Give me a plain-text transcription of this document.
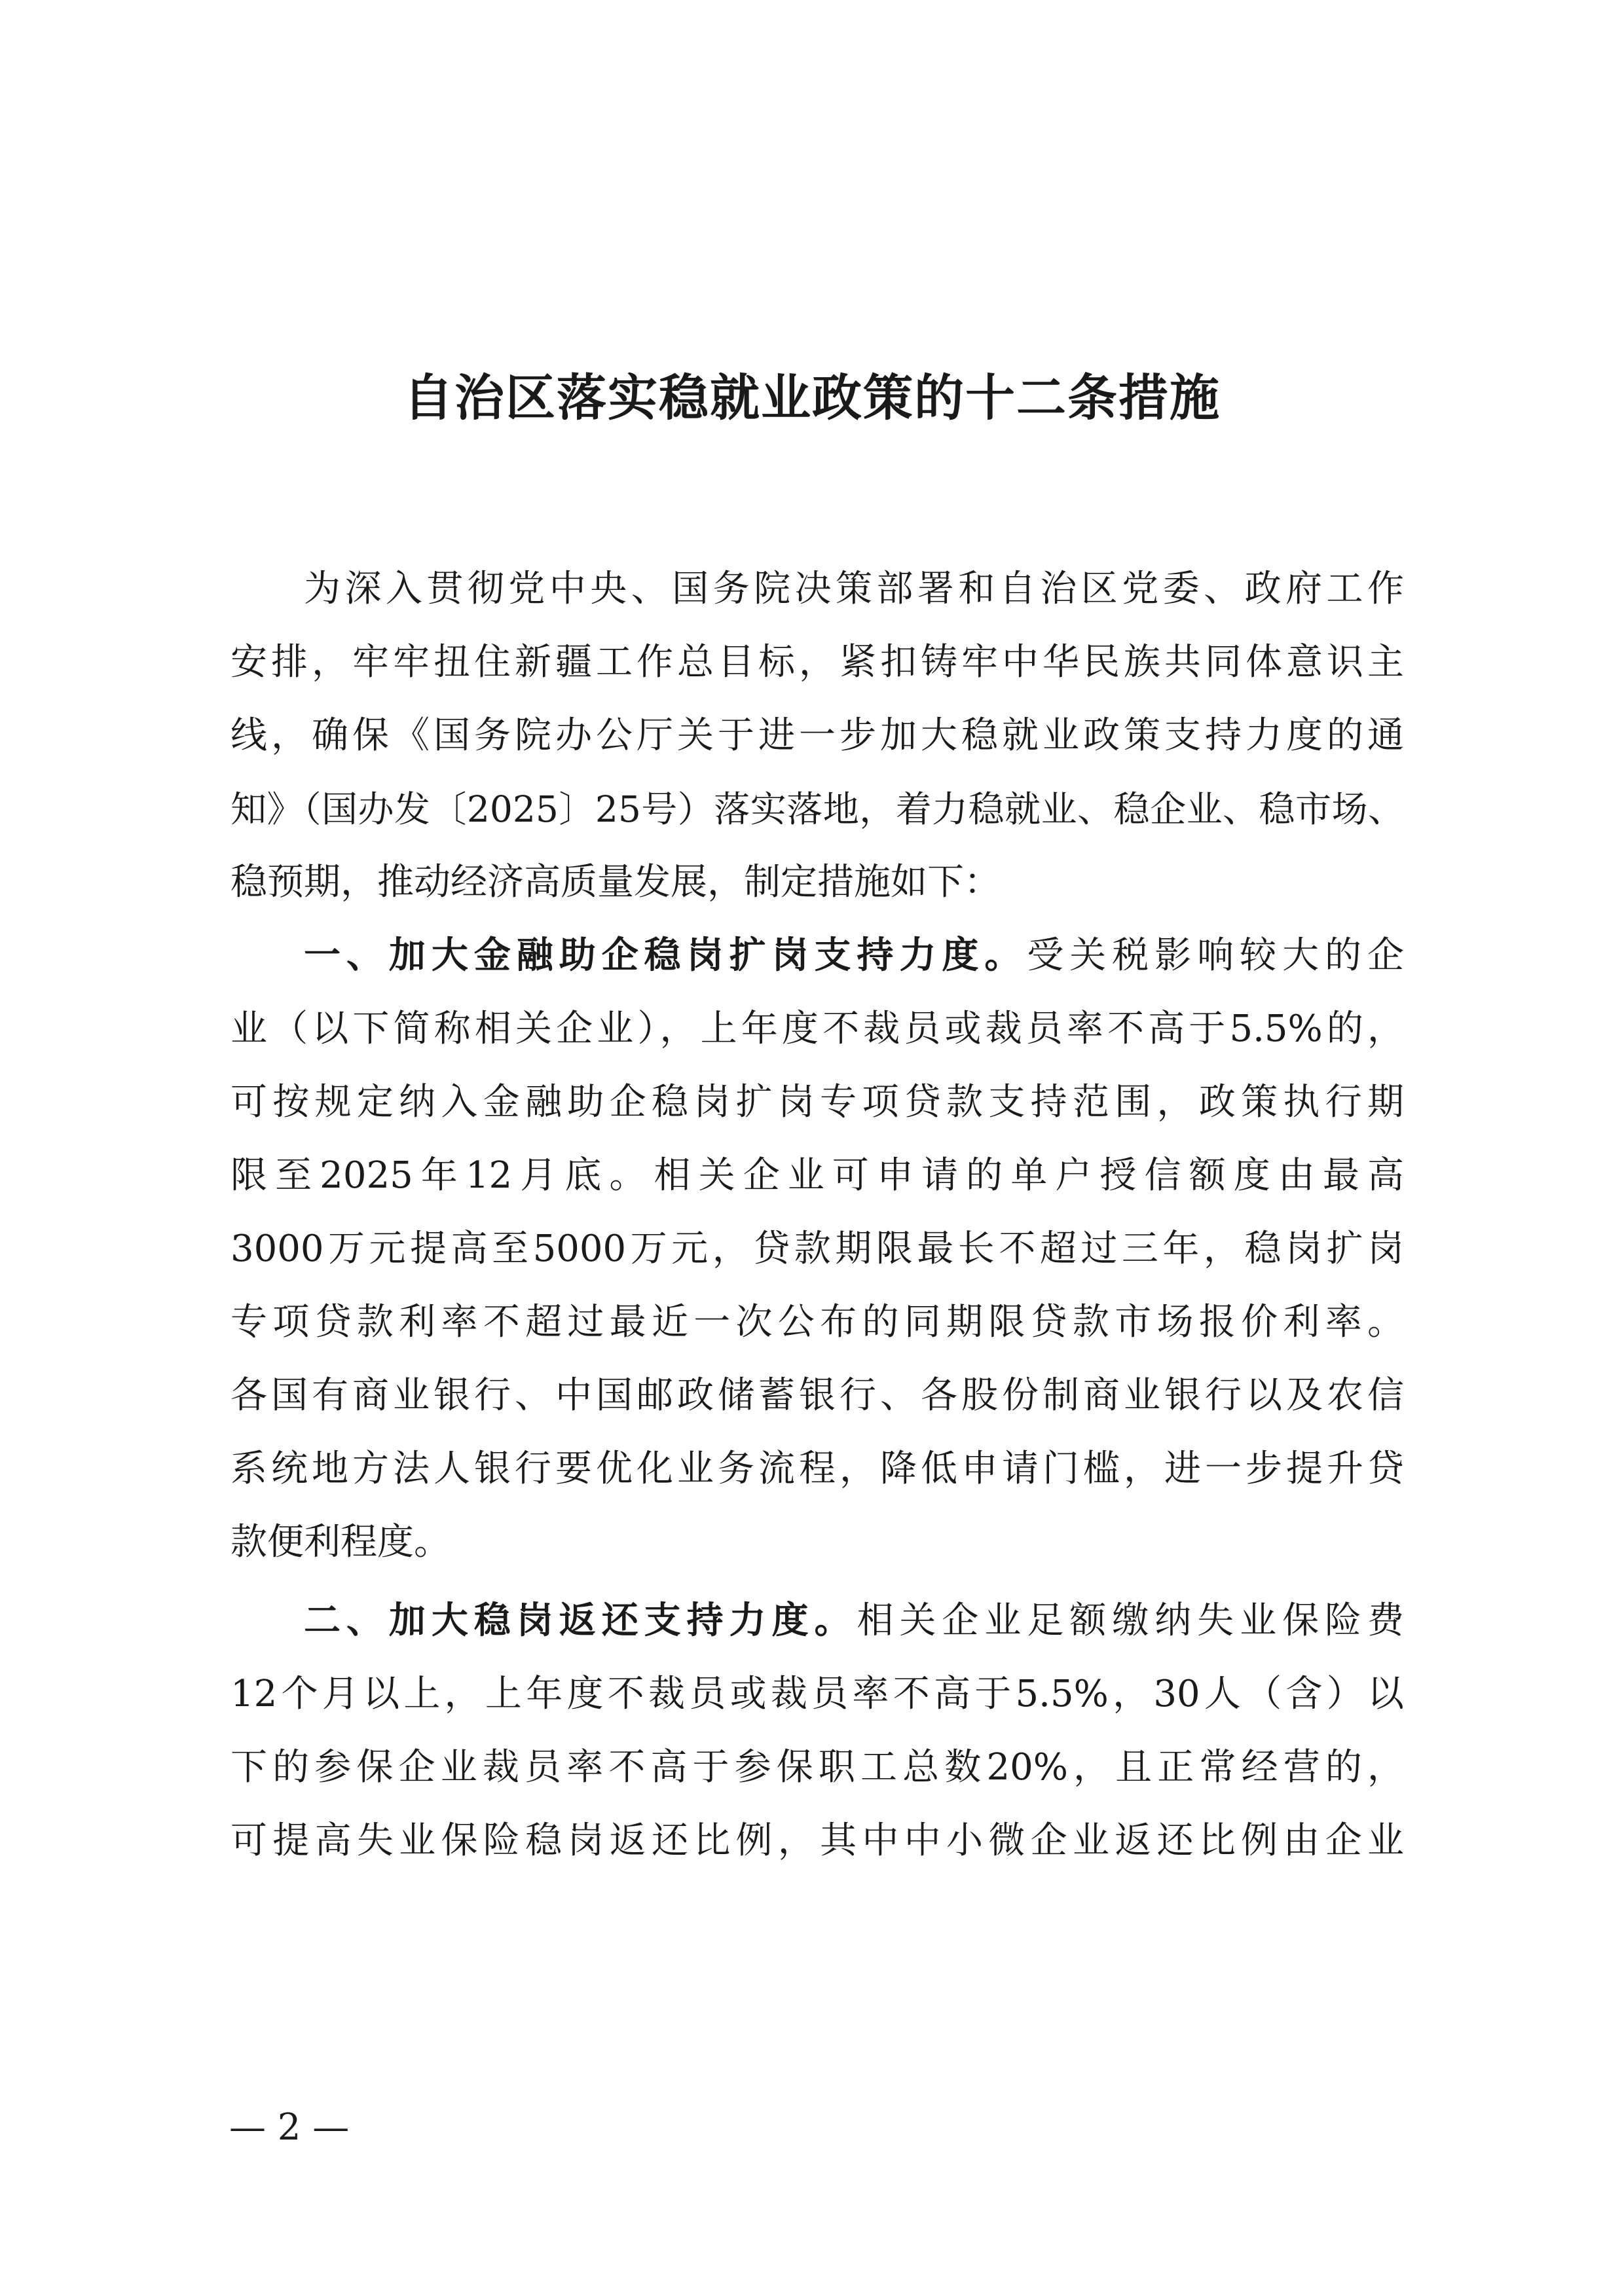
自治区落实稳就业政策的十二条措施
为深入贯彻党中央、国务院决策部署和自治区党委、政府工作
安排，牢牢扭住新疆工作总目标，紧扣铸牢中华民族共同体意识主
线，确保《国务院办公厅关于进一步加大稳就业政策支持力度的通
知》（国办发〔2025〕25号）落实落地，着力稳就业、稳企业、稳市场、
稳预期，推动经济高质量发展，制定措施如下：
一、加大金融助企稳岗扩岗支持力度。受关税影响较大的企
业（以下简称相关企业），上年度不裁员或裁员率不高于5.5%的，
可按规定纳入金融助企稳岗扩岗专项贷款支持范围，政策执行期
限至2025年12月底。相关企业可申请的单户授信额度由最高
3000万元提高至5000万元，贷款期限最长不超过三年，稳岗扩岗
专项贷款利率不超过最近一次公布的同期限贷款市场报价利率。
各国有商业银行、中国邮政储蓄银行、各股份制商业银行以及农信
系统地方法人银行要优化业务流程，降低申请门槛，进一步提升贷
款便利程度。
二、加大稳岗返还支持力度。相关企业足额缴纳失业保险费
12个月以上，上年度不裁员或裁员率不高于5.5%，30人（含）以
下的参保企业裁员率不高于参保职工总数20%，且正常经营的，
可提高失业保险稳岗返还比例，其中中小微企业返还比例由企业
— 2 —
